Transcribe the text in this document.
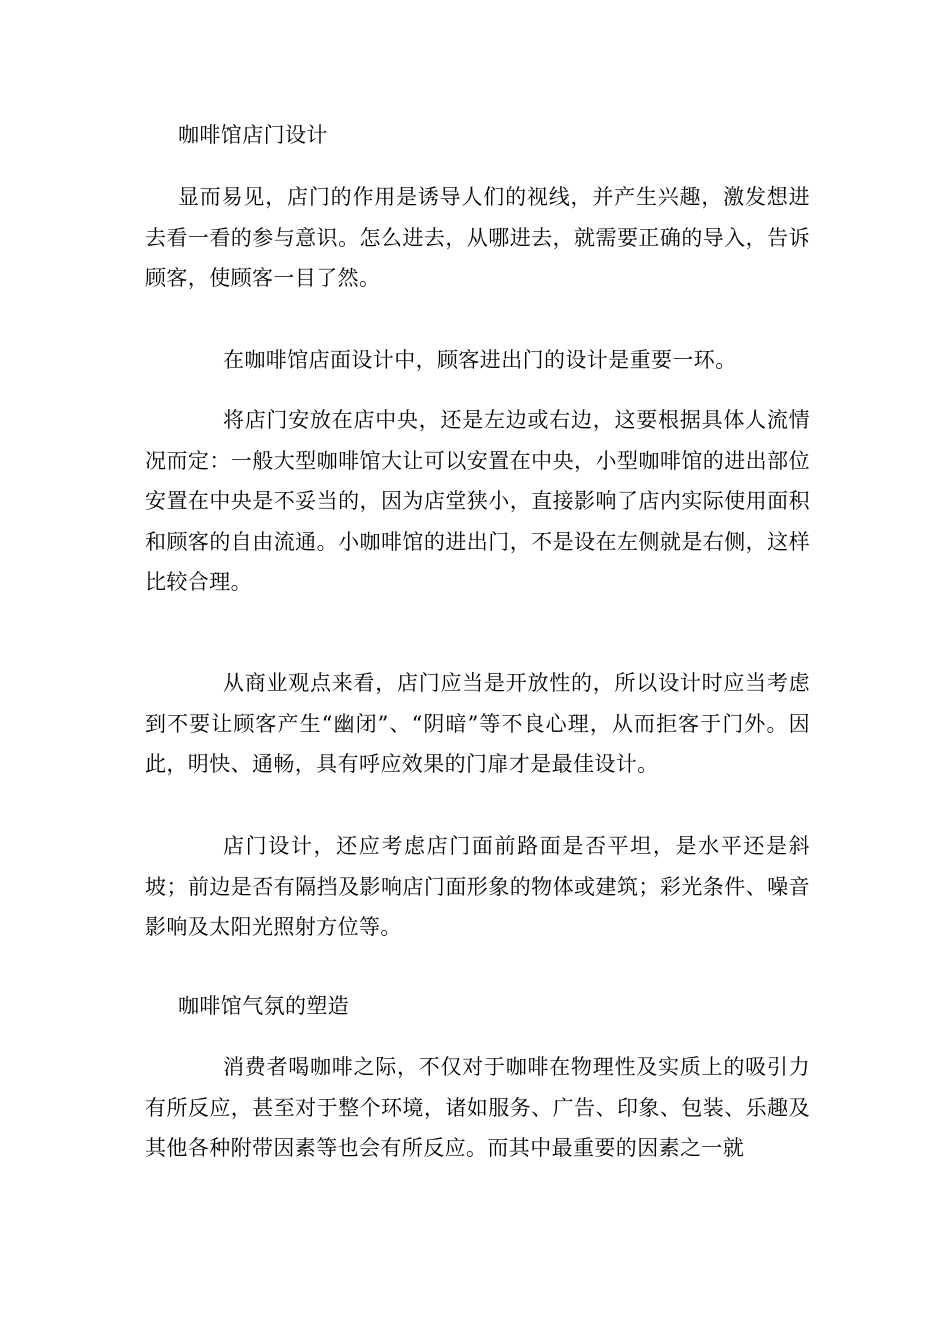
咖啡馆店门设计
显而易见，店门的作用是诱导人们的视线，并产生兴趣，激发想进去看一看的参与意识。怎么进去，从哪进去，就需要正确的导入，告诉顾客，使顾客一目了然。
在咖啡馆店面设计中，顾客进出门的设计是重要一环。
将店门安放在店中央，还是左边或右边，这要根据具体人流情况而定：一般大型咖啡馆大让可以安置在中央，小型咖啡馆的进出部位安置在中央是不妥当的，因为店堂狭小，直接影响了店内实际使用面积和顾客的自由流通。小咖啡馆的进出门，不是设在左侧就是右侧，这样比较合理。
从商业观点来看，店门应当是开放性的，所以设计时应当考虑到不要让顾客产生“幽闭”、“阴暗”等不良心理，从而拒客于门外。因此，明快、通畅，具有呼应效果的门扉才是最佳设计。
店门设计，还应考虑店门面前路面是否平坦，是水平还是斜坡；前边是否有隔挡及影响店门面形象的物体或建筑；彩光条件、噪音影响及太阳光照射方位等。
咖啡馆气氛的塑造
消费者喝咖啡之际，不仅对于咖啡在物理性及实质上的吸引力有所反应，甚至对于整个环境，诸如服务、广告、印象、包装、乐趣及其他各种附带因素等也会有所反应。而其中最重要的因素之一就
